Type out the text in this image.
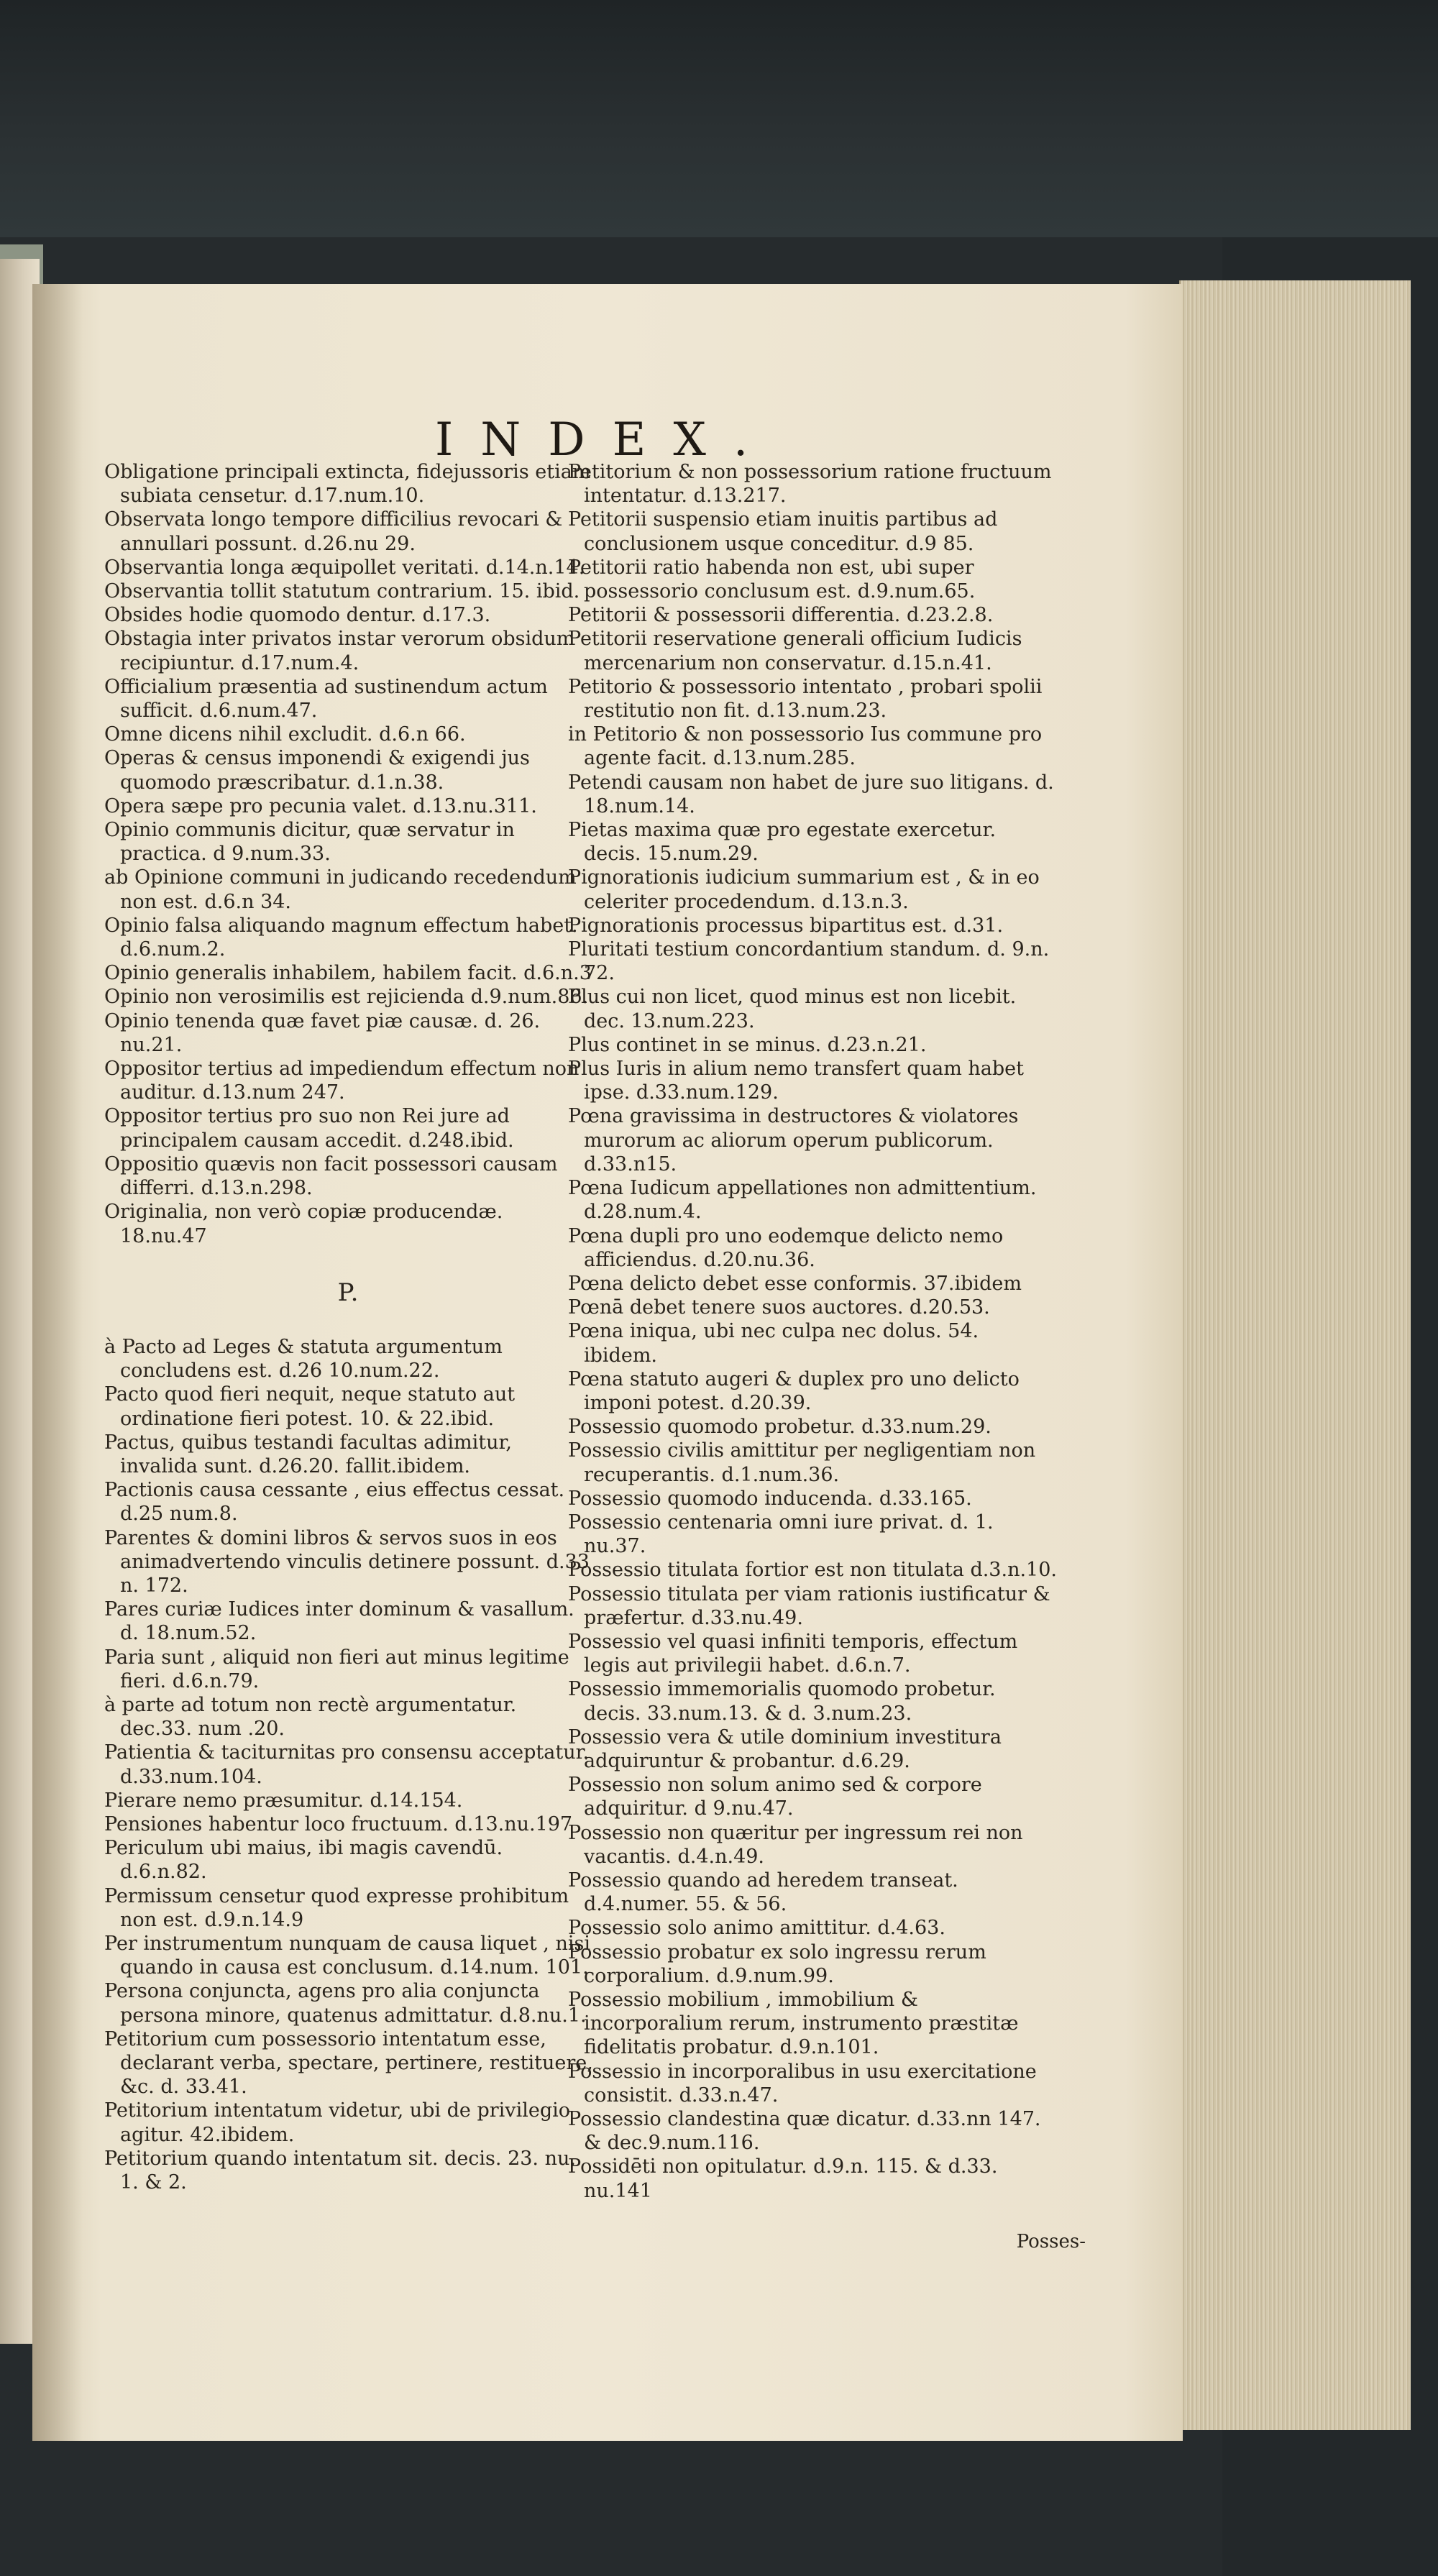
INDEX.

Obligatione principali extincta, fidejussoris etiam subiata censetur. d.17.num.10.

Observata longo tempore difficilius revocari & annullari possunt. d.26.nu 29.

Observantia longa æquipollet veritati. d.14.n.14.

Observantia tollit statutum contrarium. 15. ibid.

Obsides hodie quomodo dentur. d.17.3.

Obstagia inter privatos instar verorum obsidum recipiuntur. d.17.num.4.

Officialium præsentia ad sustinendum actum sufficit. d.6.num.47.

Omne dicens nihil excludit. d.6.n 66.

Operas & census imponendi & exigendi jus quomodo præscribatur. d.1.n.38.

Opera sæpe pro pecunia valet. d.13.nu.311.

Opinio communis dicitur, quæ servatur in practica. d 9.num.33.

ab Opinione communi in judicando recedendum non est. d.6.n 34.

Opinio falsa aliquando magnum effectum habet. d.6.num.2.

Opinio generalis inhabilem, habilem facit. d.6.n.3

Opinio non verosimilis est rejicienda d.9.num.86.

Opinio tenenda quæ favet piæ causæ. d. 26. nu.21.

Oppositor tertius ad impediendum effectum non auditur. d.13.num 247.

Oppositor tertius pro suo non Rei jure ad principalem causam accedit. d.248.ibid.

Oppositio quævis non facit possessori causam differri. d.13.n.298.

Originalia, non verò copiæ producendæ. 18.nu.47

P.

à Pacto ad Leges & statuta argumentum concludens est. d.26 10.num.22.

Pacto quod fieri nequit, neque statuto aut ordinatione fieri potest. 10. & 22.ibid.

Pactus, quibus testandi facultas adimitur, invalida sunt. d.26.20. fallit.ibidem.

Pactionis causa cessante , eius effectus cessat. d.25 num.8.

Parentes & domini libros & servos suos in eos animadvertendo vinculis detinere possunt. d.33 n. 172.

Pares curiæ Iudices inter dominum & vasallum. d. 18.num.52.

Paria sunt , aliquid non fieri aut minus legitime fieri. d.6.n.79.

à parte ad totum non rectè argumentatur. dec.33. num .20.

Patientia & taciturnitas pro consensu acceptatur. d.33.num.104.

Pierare nemo præsumitur. d.14.154.

Pensiones habentur loco fructuum. d.13.nu.197

Periculum ubi maius, ibi magis cavendū. d.6.n.82.

Permissum censetur quod expresse prohibitum non est. d.9.n.14.9

Per instrumentum nunquam de causa liquet , nisi quando in causa est conclusum. d.14.num. 101.

Persona conjuncta, agens pro alia conjuncta persona minore, quatenus admittatur. d.8.nu.1.

Petitorium cum possessorio intentatum esse, declarant verba, spectare, pertinere, restituere, &c. d. 33.41.

Petitorium intentatum videtur, ubi de privilegio agitur. 42.ibidem.

Petitorium quando intentatum sit. decis. 23. nu. 1. & 2.

Petitorium & non possessorium ratione fructuum intentatur. d.13.217.

Petitorii suspensio etiam inuitis partibus ad conclusionem usque conceditur. d.9 85.

Petitorii ratio habenda non est, ubi super possessorio conclusum est. d.9.num.65.

Petitorii & possessorii differentia. d.23.2.8.

Petitorii reservatione generali officium Iudicis mercenarium non conservatur. d.15.n.41.

Petitorio & possessorio intentato , probari spolii restitutio non fit. d.13.num.23.

in Petitorio & non possessorio Ius commune pro agente facit. d.13.num.285.

Petendi causam non habet de jure suo litigans. d. 18.num.14.

Pietas maxima quæ pro egestate exercetur. decis. 15.num.29.

Pignorationis iudicium summarium est , & in eo celeriter procedendum. d.13.n.3.

Pignorationis processus bipartitus est. d.31.

Pluritati testium concordantium standum. d. 9.n. 72.

Plus cui non licet, quod minus est non licebit. dec. 13.num.223.

Plus continet in se minus. d.23.n.21.

Plus Iuris in alium nemo transfert quam habet ipse. d.33.num.129.

Pœna gravissima in destructores & violatores murorum ac aliorum operum publicorum. d.33.n15.

Pœna Iudicum appellationes non admittentium. d.28.num.4.

Pœna dupli pro uno eodemque delicto nemo afficiendus. d.20.nu.36.

Pœna delicto debet esse conformis. 37.ibidem

Pœnā debet tenere suos auctores. d.20.53.

Pœna iniqua, ubi nec culpa nec dolus. 54. ibidem.

Pœna statuto augeri & duplex pro uno delicto imponi potest. d.20.39.

Possessio quomodo probetur. d.33.num.29.

Possessio civilis amittitur per negligentiam non recuperantis. d.1.num.36.

Possessio quomodo inducenda. d.33.165.

Possessio centenaria omni iure privat. d. 1. nu.37.

Possessio titulata fortior est non titulata d.3.n.10.

Possessio titulata per viam rationis iustificatur & præfertur. d.33.nu.49.

Possessio vel quasi infiniti temporis, effectum legis aut privilegii habet. d.6.n.7.

Possessio immemorialis quomodo probetur. decis. 33.num.13. & d. 3.num.23.

Possessio vera & utile dominium investitura adquiruntur & probantur. d.6.29.

Possessio non solum animo sed & corpore adquiritur. d 9.nu.47.

Possessio non quæritur per ingressum rei non vacantis. d.4.n.49.

Possessio quando ad heredem transeat. d.4.numer. 55. & 56.

Possessio solo animo amittitur. d.4.63.

Possessio probatur ex solo ingressu rerum corporalium. d.9.num.99.

Possessio mobilium , immobilium & incorporalium rerum, instrumento præstitæ fidelitatis probatur. d.9.n.101.

Possessio in incorporalibus in usu exercitatione consistit. d.33.n.47.

Possessio clandestina quæ dicatur. d.33.nn 147. & dec.9.num.116.

Possidēti non opitulatur. d.9.n. 115. & d.33. nu.141

Posses-
